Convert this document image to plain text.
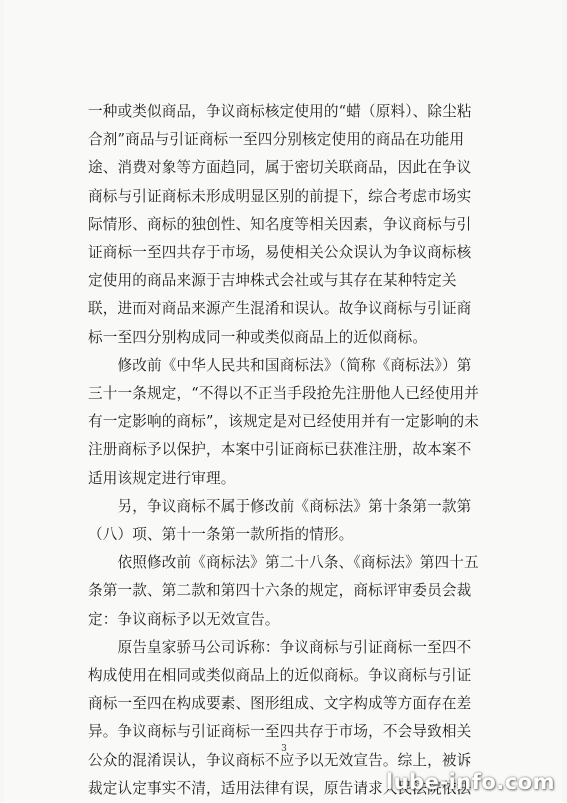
一种或类似商品，争议商标核定使用的“蜡（原料）、除尘粘
合剂”商品与引证商标一至四分别核定使用的商品在功能用
途、消费对象等方面趋同，属于密切关联商品，因此在争议
商标与引证商标未形成明显区别的前提下，综合考虑市场实
际情形、商标的独创性、知名度等相关因素，争议商标与引
证商标一至四共存于市场，易使相关公众误认为争议商标核
定使用的商品来源于吉坤株式会社或与其存在某种特定关
联，进而对商品来源产生混淆和误认。故争议商标与引证商
标一至四分别构成同一种或类似商品上的近似商标。

　　修改前《中华人民共和国商标法》（简称《商标法》）第
三十一条规定，“不得以不正当手段抢先注册他人已经使用并
有一定影响的商标”，该规定是对已经使用并有一定影响的未
注册商标予以保护，本案中引证商标已获准注册，故本案不
适用该规定进行审理。

　　另，争议商标不属于修改前《商标法》第十条第一款第
（八）项、第十一条第一款所指的情形。

　　依照修改前《商标法》第二十八条、《商标法》第四十五
条第一款、第二款和第四十六条的规定，商标评审委员会裁
定：争议商标予以无效宣告。

　　原告皇家骄马公司诉称：争议商标与引证商标一至四不
构成使用在相同或类似商品上的近似商标。争议商标与引证
商标一至四在构成要素、图形组成、文字构成等方面存在差
异。争议商标与引证商标一至四共存于市场，不会导致相关
公众的混淆误认，争议商标不应予以无效宣告。综上，被诉
裁定认定事实不清，适用法律有误，原告请求人民法院依法

3
lube-info.com
